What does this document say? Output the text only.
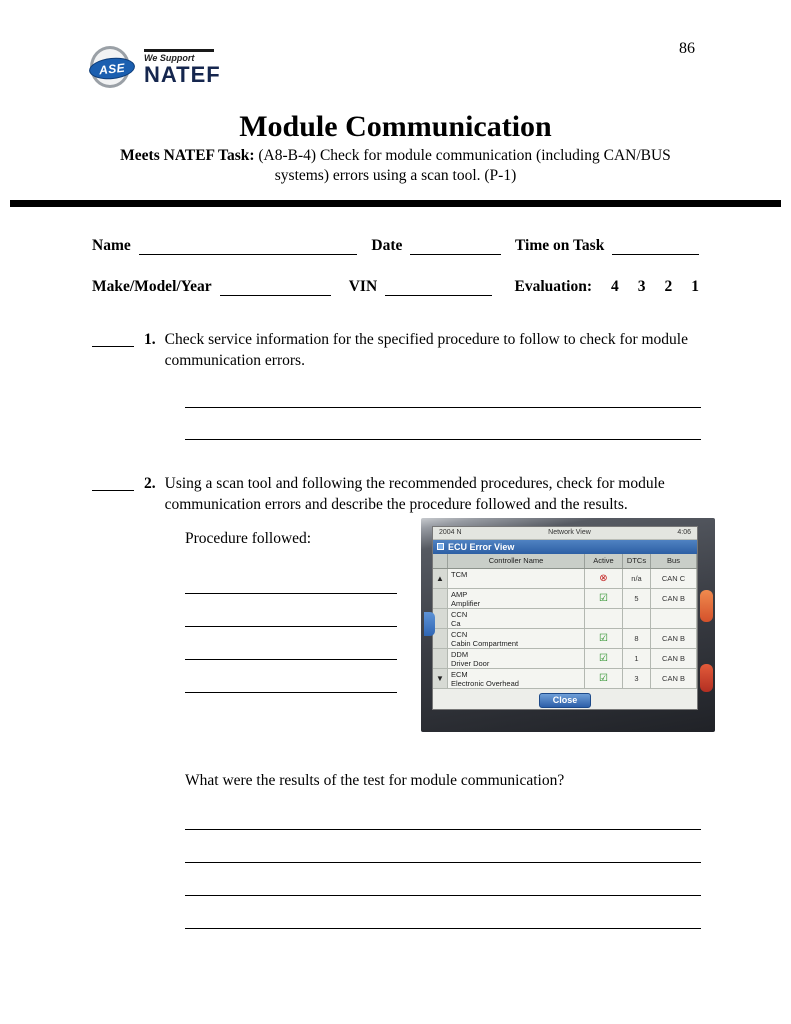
86
ASE
We Support
NATEF
Module Communication
Meets NATEF Task: (A8-B-4) Check for module communication (including CAN/BUS systems) errors using a scan tool. (P-1)
Name	Date	Time on Task
Make/Model/Year	VIN	Evaluation: 4 3 2 1
1. Check service information for the specified procedure to follow to check for module communication errors.
2. Using a scan tool and following the recommended procedures, check for module communication errors and describe the procedure followed and the results.
Procedure followed:	2004 N	Network View	4:06
ECU Error View
Controller Name	Active	DTCs	Bus
▲ TCM	⊗	n/a	CAN C
AMP
Amplifier	☑	5	CAN B
CCN
Ca
CCN
Cabin Compartment	☑	8	CAN B
DDM
Driver Door	☑	1	CAN B
▼ ECM
Electronic Overhead	☑	3	CAN B
Close
What were the results of the test for module communication?
